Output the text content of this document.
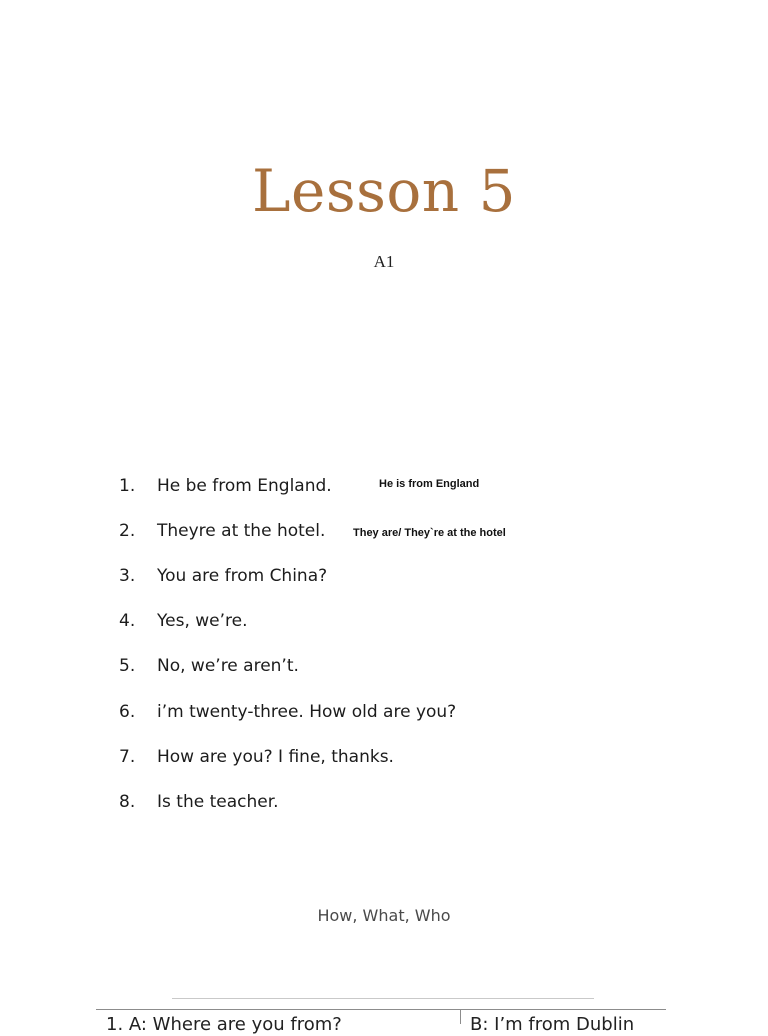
Lesson 5
A1
1. He be from England.	He is from England
2. Theyre at the hotel.	They are/ They`re at the hotel
3. You are from China?
4. Yes, we’re.
5. No, we’re aren’t.
6. i’m twenty-three. How old are you?
7. How are you? I fine, thanks.
8. Is the teacher.
How, What, Who
1. A: Where are you from?	B: I’m from Dublin
